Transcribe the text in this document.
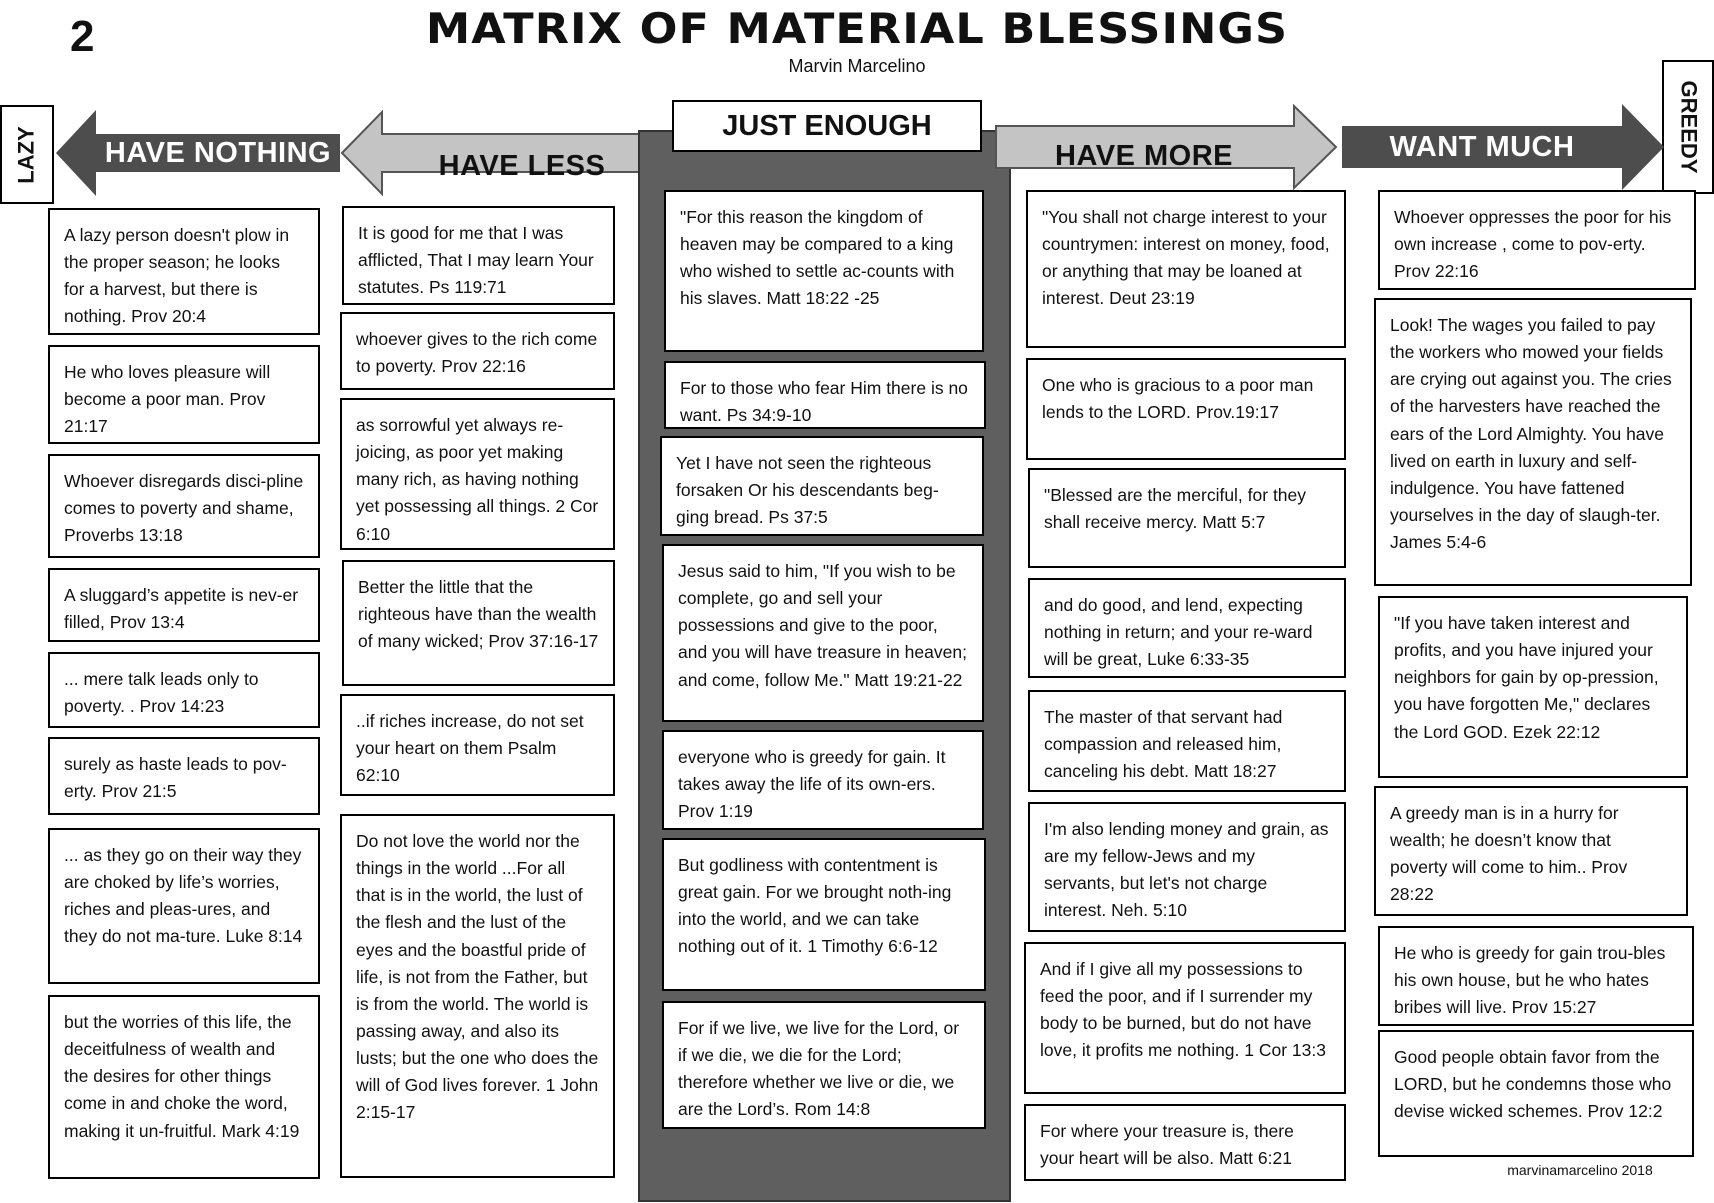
2	MATRIX OF MATERIAL BLESSINGS
Marvin Marcelino
LAZY	GREEDY
HAVE NOTHING	HAVE LESS
JUST ENOUGH
HAVE MORE	WANT MUCH
A lazy person doesn't plow in the proper season; he looks for a harvest, but there is nothing. Prov 20:4
He who loves pleasure will become a poor man. Prov 21:17
Whoever disregards disci-pline comes to poverty and shame, Proverbs 13:18
A sluggard’s appetite is nev-er filled, Prov 13:4
... mere talk leads only to poverty. . Prov 14:23
surely as haste leads to pov-erty. Prov 21:5
... as they go on their way they are choked by life’s worries, riches and pleas-ures, and they do not ma-ture. Luke 8:14
but the worries of this life, the deceitfulness of wealth and the desires for other things come in and choke the word, making it un-fruitful. Mark 4:19
It is good for me that I was afflicted, That I may learn Your statutes. Ps 119:71
whoever gives to the rich come to poverty. Prov 22:16
as sorrowful yet always re-joicing, as poor yet making many rich, as having nothing yet possessing all things. 2 Cor 6:10
Better the little that the righteous have than the wealth of many wicked; Prov 37:16-17
..if riches increase, do not set your heart on them Psalm 62:10
Do not love the world nor the things in the world ...For all that is in the world, the lust of the flesh and the lust of the eyes and the boastful pride of life, is not from the Father, but is from the world. The world is passing away, and also its lusts; but the one who does the will of God lives forever. 1 John 2:15-17
"For this reason the kingdom of heaven may be compared to a king who wished to settle ac-counts with his slaves. Matt 18:22 -25
For to those who fear Him there is no want. Ps 34:9-10
Yet I have not seen the righteous forsaken Or his descendants beg-ging bread. Ps 37:5
Jesus said to him, "If you wish to be complete, go and sell your possessions and give to the poor, and you will have treasure in heaven; and come, follow Me." Matt 19:21-22
everyone who is greedy for gain. It takes away the life of its own-ers. Prov 1:19
But godliness with contentment is great gain. For we brought noth-ing into the world, and we can take nothing out of it. 1 Timothy 6:6-12
For if we live, we live for the Lord, or if we die, we die for the Lord; therefore whether we live or die, we are the Lord’s. Rom 14:8
"You shall not charge interest to your countrymen: interest on money, food, or anything that may be loaned at interest. Deut 23:19
One who is gracious to a poor man lends to the LORD. Prov.19:17
"Blessed are the merciful, for they shall receive mercy. Matt 5:7
and do good, and lend, expecting nothing in return; and your re-ward will be great, Luke 6:33-35
The master of that servant had compassion and released him, canceling his debt. Matt 18:27
I'm also lending money and grain, as are my fellow-Jews and my servants, but let's not charge interest. Neh. 5:10
And if I give all my possessions to feed the poor, and if I surrender my body to be burned, but do not have love, it profits me nothing. 1 Cor 13:3
For where your treasure is, there your heart will be also. Matt 6:21
Whoever oppresses the poor for his own increase , come to pov-erty. Prov 22:16
Look! The wages you failed to pay the workers who mowed your fields are crying out against you. The cries of the harvesters have reached the ears of the Lord Almighty. You have lived on earth in luxury and self-indulgence. You have fattened yourselves in the day of slaugh-ter. James 5:4-6
"If you have taken interest and profits, and you have injured your neighbors for gain by op-pression, you have forgotten Me," declares the Lord GOD. Ezek 22:12
A greedy man is in a hurry for wealth; he doesn’t know that poverty will come to him.. Prov 28:22
He who is greedy for gain trou-bles his own house, but he who hates bribes will live. Prov 15:27
Good people obtain favor from the LORD, but he condemns those who devise wicked schemes. Prov 12:2
marvinamarcelino 2018
